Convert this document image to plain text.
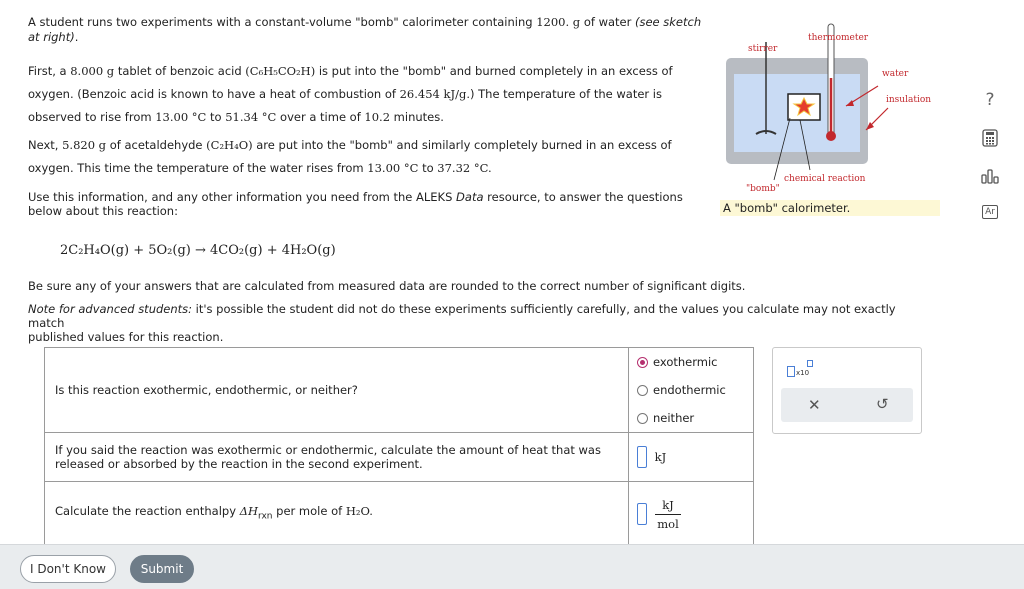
A student runs two experiments with a constant-volume "bomb" calorimeter containing 1200. g of water (see sketch at right).

First, a 8.000 g tablet of benzoic acid (C₆H₅CO₂H) is put into the "bomb" and burned completely in an excess of

oxygen. (Benzoic acid is known to have a heat of combustion of 26.454 kJ/g.) The temperature of the water is

observed to rise from 13.00 °C to 51.34 °C over a time of 10.2 minutes.

Next, 5.820 g of acetaldehyde (C₂H₄O) are put into the "bomb" and similarly completely burned in an excess of

oxygen. This time the temperature of the water rises from 13.00 °C to 37.32 °C.

Use this information, and any other information you need from the ALEKS Data resource, to answer the questions

below about this reaction:

2C₂H₄O(g) + 5O₂(g) → 4CO₂(g) + 4H₂O(g)
Be sure any of your answers that are calculated from measured data are rounded to the correct number of significant digits.

Note for advanced students: it's possible the student did not do these experiments sufficiently carefully, and the values you calculate may not exactly match

published values for this reaction.

stirrer
thermometer
water
insulation
chemical reaction
"bomb"
A "bomb" calorimeter.
Is this reaction exothermic, endothermic, or neither?	exothermic
endothermic
neither

If you said the reaction was exothermic or endothermic, calculate the amount of heat that was

released or absorbed by the reaction in the second experiment.	kJ
Calculate the reaction enthalpy $\Delta H_{rxn}$ per mole of H₂O.	kJ
mol
x10
✕	↺
?
Ar
I Don't Know	Submit
